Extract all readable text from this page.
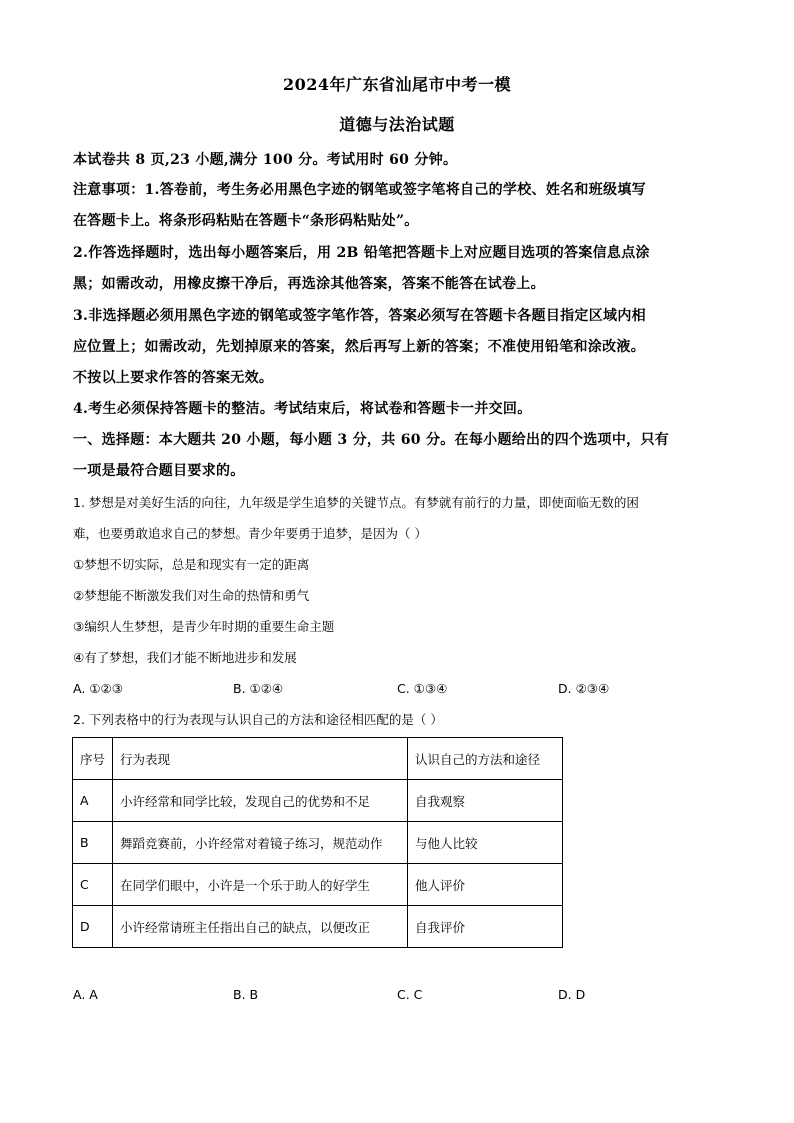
2024年广东省汕尾市中考一模
道德与法治试题
本试卷共 8 页,23 小题,满分 100 分。考试用时 60 分钟。
注意事项：1.答卷前，考生务必用黑色字迹的钢笔或签字笔将自己的学校、姓名和班级填写
在答题卡上。将条形码粘贴在答题卡“条形码粘贴处”。
2.作答选择题时，选出每小题答案后，用 2B 铅笔把答题卡上对应题目选项的答案信息点涂
黑；如需改动，用橡皮擦干净后，再选涂其他答案，答案不能答在试卷上。
3.非选择题必须用黑色字迹的钢笔或签字笔作答，答案必须写在答题卡各题目指定区域内相
应位置上；如需改动，先划掉原来的答案，然后再写上新的答案；不准使用铅笔和涂改液。
不按以上要求作答的答案无效。
4.考生必须保持答题卡的整洁。考试结束后，将试卷和答题卡一并交回。
一、选择题：本大题共 20 小题，每小题 3 分，共 60 分。在每小题给出的四个选项中，只有
一项是最符合题目要求的。
1. 梦想是对美好生活的向往，九年级是学生追梦的关键节点。有梦就有前行的力量，即使面临无数的困
难，也要勇敢追求自己的梦想。青少年要勇于追梦，是因为（ ）
①梦想不切实际，总是和现实有一定的距离
②梦想能不断激发我们对生命的热情和勇气
③编织人生梦想，是青少年时期的重要生命主题
④有了梦想，我们才能不断地进步和发展
A. ①②③	B. ①②④	C. ①③④	D. ②③④
2. 下列表格中的行为表现与认识自己的方法和途径相匹配的是（ ）
序号	行为表现	认识自己的方法和途径
A	小许经常和同学比较，发现自己的优势和不足	自我观察
B	舞蹈竞赛前，小许经常对着镜子练习，规范动作	与他人比较
C	在同学们眼中，小许是一个乐于助人的好学生	他人评价
D	小许经常请班主任指出自己的缺点，以便改正	自我评价
A. A	B. B	C. C	D. D
